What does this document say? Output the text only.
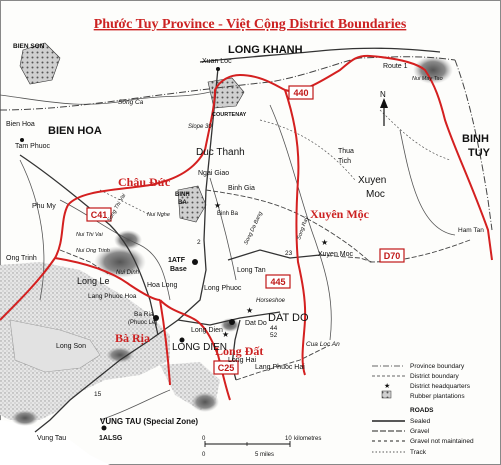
★
★
★
★
Phước Tuy Province - Việt Cộng District Boundaries
LONG KHANH
BIEN HOA
BINH
TUY
Châu Đức
Xuyên Mộc
Bà Rịa
Long Đất
440
445
C41
C25
D70
BIEN SON
Xuan Loc
COURTENAY
Route 1
Nui May Tao
Song Ca
Slope 30
Bien Hoa
Tam Phuoc
Duc Thanh
Ngai Giao
Thua
Tich
Xuyen
Moc
Binh Gia
Phu My
Nui Nghe
BINH
BA
Binh Ba Song Da Bang	Song Ray
Song Thi Vai
Nui Thi Vai
Nui Ong Trinh
Ong Trinh
Xuyen Moc
Ham Tan
1ATF
Base
Nui Dinh	Long Tan
Long Le	Hoa Long	Long Phuoc
Lang Phuoc Hoa
Horseshoe
DAT DO
Dat Do
Ba Ria
(Phuoc Le)
Long Dien
LONG DIEN
Long Son
Long Hai
Lang Phuoc Hai
Cua Loc An
VUNG TAU (Special Zone)
Vung Tau	1ALSG
2
15
44
52
23
N
Province boundary
District boundary
★	District headquarters
Rubber plantations
ROADS
Sealed
Gravel
Gravel not maintained
Track
0	10 kilometres
0	5 miles
